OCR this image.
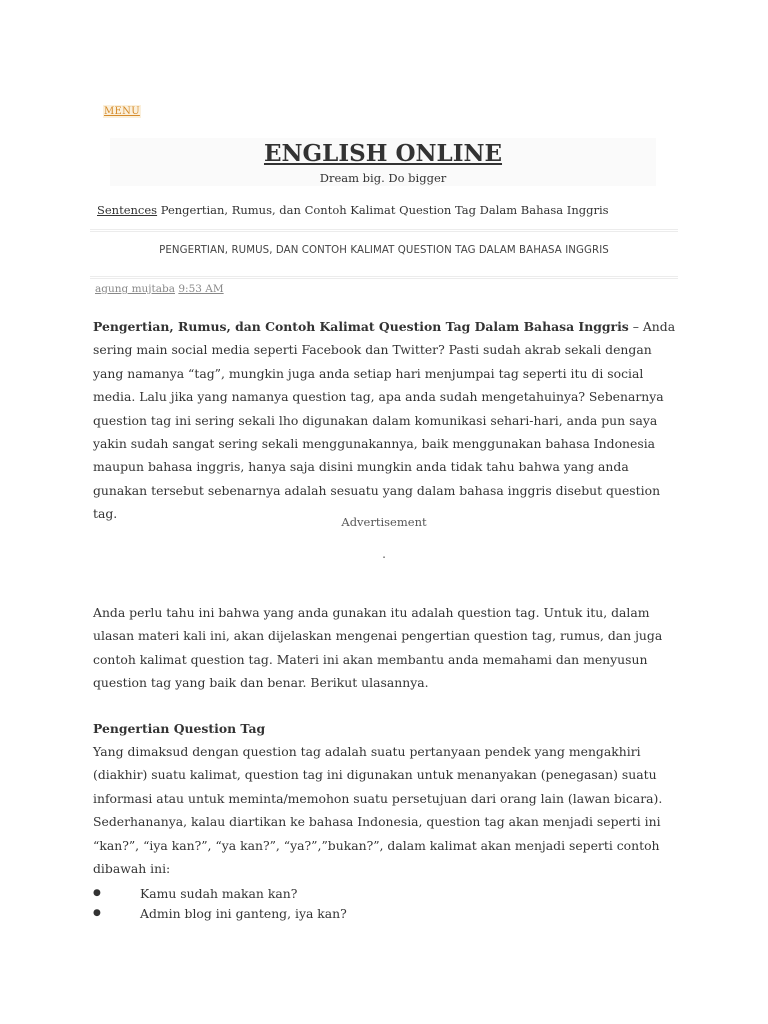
MENU
ENGLISH ONLINE
Dream big. Do bigger
Sentences Pengertian, Rumus, dan Contoh Kalimat Question Tag Dalam Bahasa Inggris
PENGERTIAN, RUMUS, DAN CONTOH KALIMAT QUESTION TAG DALAM BAHASA INGGRIS
agung mujtaba 9:53 AM
Pengertian, Rumus, dan Contoh Kalimat Question Tag Dalam Bahasa Inggris – Anda sering main social media seperti Facebook dan Twitter? Pasti sudah akrab sekali dengan yang namanya “tag”, mungkin juga anda setiap hari menjumpai tag seperti itu di social media. Lalu jika yang namanya question tag, apa anda sudah mengetahuinya? Sebenarnya question tag ini sering sekali lho digunakan dalam komunikasi sehari-hari, anda pun saya yakin sudah sangat sering sekali menggunakannya, baik menggunakan bahasa Indonesia maupun bahasa inggris, hanya saja disini mungkin anda tidak tahu bahwa yang anda gunakan tersebut sebenarnya adalah sesuatu yang dalam bahasa inggris disebut question tag.
Advertisement
.
Anda perlu tahu ini bahwa yang anda gunakan itu adalah question tag. Untuk itu, dalam ulasan materi kali ini, akan dijelaskan mengenai pengertian question tag, rumus, dan juga contoh kalimat question tag. Materi ini akan membantu anda memahami dan menyusun question tag yang baik dan benar. Berikut ulasannya.
Pengertian Question Tag
Yang dimaksud dengan question tag adalah suatu pertanyaan pendek yang mengakhiri (diakhir) suatu kalimat, question tag ini digunakan untuk menanyakan (penegasan) suatu informasi atau untuk meminta/memohon suatu persetujuan dari orang lain (lawan bicara). Sederhananya, kalau diartikan ke bahasa Indonesia, question tag akan menjadi seperti ini “kan?”, “iya kan?”, “ya kan?”, “ya?”,”bukan?”, dalam kalimat akan menjadi seperti contoh dibawah ini:
●	Kamu sudah makan kan?
●	Admin blog ini ganteng, iya kan?
